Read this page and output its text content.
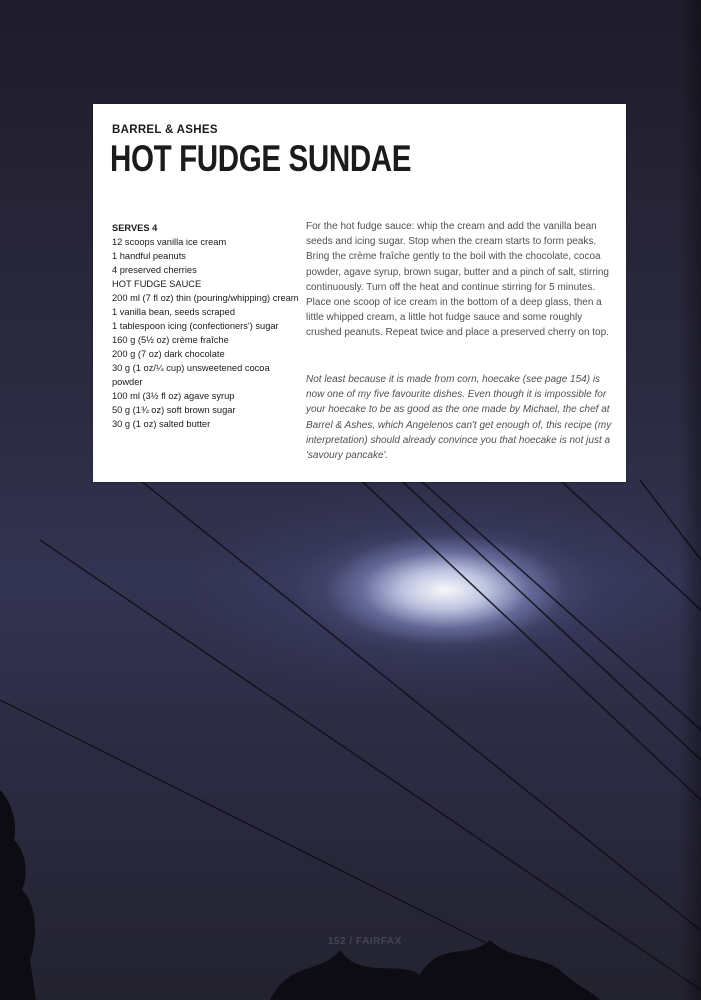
BARREL & ASHES
HOT FUDGE SUNDAE
SERVES 4
12 scoops vanilla ice cream
1 handful peanuts
4 preserved cherries
HOT FUDGE SAUCE
200 ml (7 fl oz) thin (pouring/whipping) cream
1 vanilla bean, seeds scraped
1 tablespoon icing (confectioners') sugar
160 g (5½ oz) crème fraîche
200 g (7 oz) dark chocolate
30 g (1 oz/¼ cup) unsweetened cocoa powder
100 ml (3½ fl oz) agave syrup
50 g (1¾ oz) soft brown sugar
30 g (1 oz) salted butter

For the hot fudge sauce: whip the cream and add the vanilla bean seeds and icing sugar. Stop when the cream starts to form peaks. Bring the crème fraîche gently to the boil with the chocolate, cocoa powder, agave syrup, brown sugar, butter and a pinch of salt, stirring continuously. Turn off the heat and continue stirring for 5 minutes. Place one scoop of ice cream in the bottom of a deep glass, then a little whipped cream, a little hot fudge sauce and some roughly crushed peanuts. Repeat twice and place a preserved cherry on top.

Not least because it is made from corn, hoecake (see page 154) is now one of my five favourite dishes. Even though it is impossible for your hoecake to be as good as the one made by Michael, the chef at Barrel & Ashes, which Angelenos can't get enough of, this recipe (my interpretation) should already convince you that hoecake is not just a 'savoury pancake'.

152 / FAIRFAX
